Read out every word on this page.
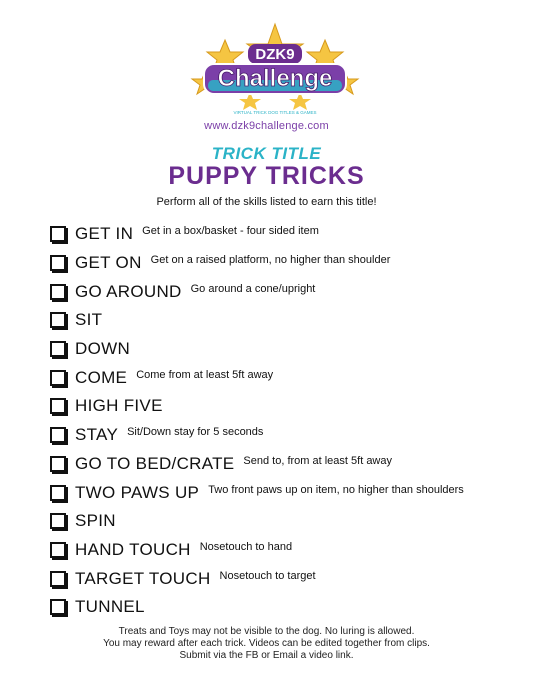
DZK9
Challenge
VIRTUAL TRICK DOG TITLES & GAMES
www.dzk9challenge.com
TRICK TITLE
PUPPY TRICKS
Perform all of the skills listed to earn this title!
GET IN Get in a box/basket - four sided item
GET ON Get on a raised platform, no higher than shoulder
GO AROUND Go around a cone/upright
SIT
DOWN
COME Come from at least 5ft away
HIGH FIVE
STAY Sit/Down stay for 5 seconds
GO TO BED/CRATE Send to, from at least 5ft away
TWO PAWS UP Two front paws up on item, no higher than shoulders
SPIN
HAND TOUCH Nosetouch to hand
TARGET TOUCH Nosetouch to target
TUNNEL
Treats and Toys may not be visible to the dog. No luring is allowed.
You may reward after each trick. Videos can be edited together from clips.
Submit via the FB or Email a video link.
